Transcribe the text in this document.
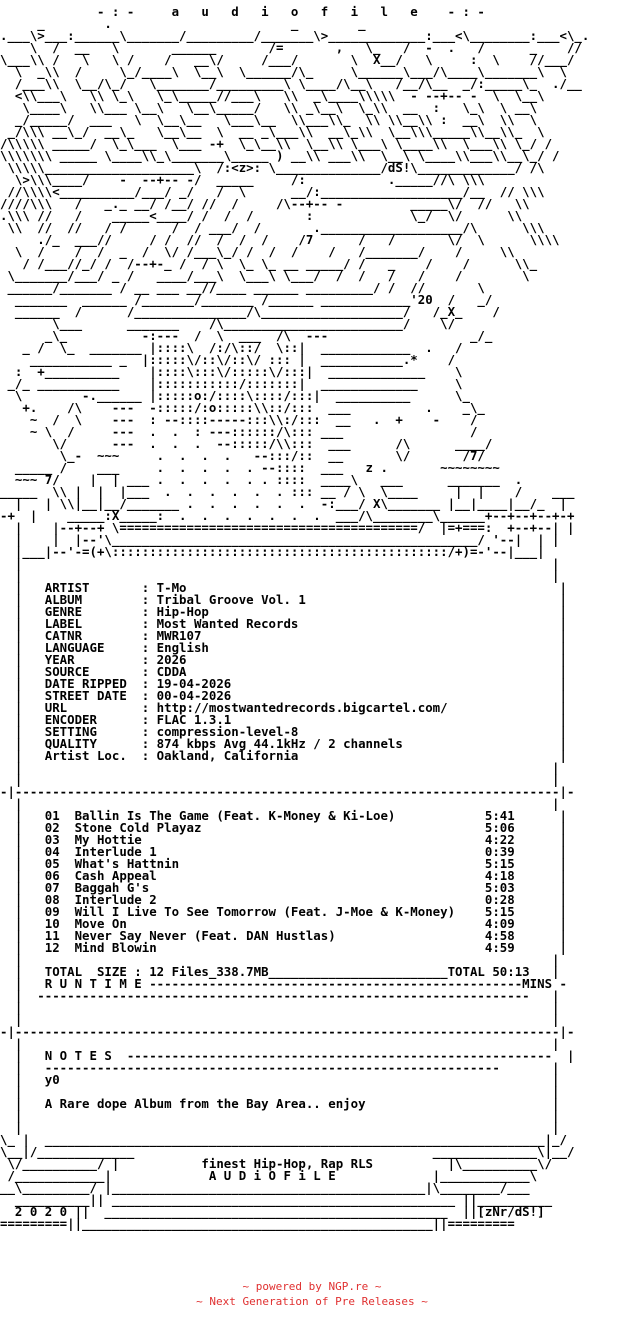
- : -     a   u   d   i   o   f   i   l   e    - : -
_        .                        _        _
.___\>___:______\_______/_________/_______\>_____________:___<\________:___<\_.
\  /  __   \       ______       /=       ,   \_   /  -  .   /      _    //
\___\\ /   \   \ /    /   __\/     /___/       \  X__/   \     :  \    //___/
\  _\\  /     \_/____\  \__\  \______/\_     \______\___/\____\_______\  \
/___\\  \__/\_/   \_______/_________\ \____/\__\   /__/\__  _/:_____\_  ./__
<\\___\   \\ \_\   \_\_____//___\   \\  _\____\\\\\  - --+-- -  \  \__\
\____\   \\___ \__\   \__\_____/   \\ _\__\  \_\\  __  :   \_\  \ __\
_/_____/  ___   \  \__\__   \___\__  \\___\\_  \\ \\__\\ :  __\  \\  \
_/\\\ __\_/  __\_   \__\__  \  __ _\___\\  __\_\\  \__\\\_____\\__\\_  \
/\\\\\ _____/  \_\___  \___ -+  \_\__\\  \__\\ \___\ \____\\  \___\\ \_/ /
\\\\\\\ _____ \____\\_\_______\_____ ) __\\ ___\\  \__\ \____\\___\\__\_/ /
\\\\\____________________\  /:<z>: \______________/dS!\_____________/ /\
\>\\\____/    -  --+-- -/  _____     /:           ._____//\ \\\
//\\\\<__________/___/ _/   /  \      __/:___________________/__  // \\\
////\\\   /   _._ __/ /__/ //  /     /\--+-- -         _____\/  //   \\
.\\\ //   /    _____<____/ /  /  /       :             \_/  \/      \\
\\  //  //   / /      /  / ___/  /       .___________________/\      \\\
./_  ___//     / /  //  /  /  /    /7      /   /       \/  \      \\\\
\  /    /  /  _  /  \/ /___\_/ /  /  /    /   /_______/    /     \\
/ /___//_/ /  /--+-_ /  / \  \_ \_ __ _____/ /   _    /    /      \\_
\_______/___/ _ /   ____/___\  \___\ \___/  /  /   /   /    /        \
______/_______ / __ ___ __//____ ______ _________/ /  //       \
_______  ______ /_______/_______ /______ ____________'20  /   _/
______  /      /_______________/\___________________/   /_X_    /
\___      _______    /\________________________/    \/
_\_          -:---  /  \  ___  /\  ---                   _/_
_ /  \_  _______ |::::\  /:/\::/  \::|  ____________  .   /
___________ _  |:::::\/::\/::\/ ::: |  ___________.*    /
:  +__________    |::::\:::\/:::::\/:::|  _____________    \
_/_ ___________    |:::::::::::/:::::::|  _____________     \
\        -.______ |:::::o:/::::\::::/:::|  __________      \_
+.    /\    ---  -:::::/:o:::::\\::/:::  ___          .    _\_
~  /  \    ---  : --::::-----:::\\:/:::  __   .  +    -    /
~ \  /     ---  .  .  : ---::::::/\::: ___                 /
\/      ---  .  .  .  --:::::/\\:::  ___      /\      ____/
\_-  ~~~     .  .  .  .   --:::/::  __       \/       /7/
_____ /    ___     .  .  .  .  . --::::  ___   z .       ~~~~~~~~
~~~ 7/    |  | ___ .  .  .  .  . . ::::  ____\   ___      _______  .
_____  \\ |  |  |___  .  .  .  .  .  . ::: __ / \  \____     |  |    /    ___
|   | \\|__|__/_______ .  .  .  .  .  .  -:___/ X\_______ |__|____|__/_  |
-+  |    _____:X_____:  .  .  .  .  .  .  .  ___/\________\______+--+--+--+-+
|    |--+--+ \========================================/  |=+===:  +--+--| |
|    |  |--'\_________________________________________________/ '--|  | |
|___|--'-=(+\:::::::::::::::::::::::::::::::::::::::::::::/+)=-'--|___|
|                                                                       |
|                                                                       |
|   ARTIST       : T-Mo                                                  |
|   ALBUM        : Tribal Groove Vol. 1                                  |
|   GENRE        : Hip-Hop                                               |
|   LABEL        : Most Wanted Records                                   |
|   CATNR        : MWR107                                                |
|   LANGUAGE     : English                                               |
|   YEAR         : 2026                                                  |
|   SOURCE       : CDDA                                                  |
|   DATE RIPPED  : 19-04-2026                                            |
|   STREET DATE  : 00-04-2026                                            |
|   URL          : http://mostwantedrecords.bigcartel.com/               |
|   ENCODER      : FLAC 1.3.1                                            |
|   SETTING      : compression-level-8                                   |
|   QUALITY      : 874 kbps Avg 44.1kHz / 2 channels                     |
|   Artist Loc.  : Oakland, California                                   |
|                                                                       |
|                                                                       |
-|-------------------------------------------------------------------------|-
|                                                                       |
|   01  Ballin Is The Game (Feat. K-Money & Ki-Loe)            5:41      |
|   02  Stone Cold Playaz                                      5:06      |
|   03  My Hottie                                              4:22      |
|   04  Interlude 1                                            0:39      |
|   05  What's Hattnin                                         5:15      |
|   06  Cash Appeal                                            4:18      |
|   07  Baggah G's                                             5:03      |
|   08  Interlude 2                                            0:28      |
|   09  Will I Live To See Tomorrow (Feat. J-Moe & K-Money)    5:15      |
|   10  Move On                                                4:09      |
|   11  Never Say Never (Feat. DAN Hustlas)                    4:58      |
|   12  Mind Blowin                                            4:59      |
|                                                                       |
|   TOTAL  SIZE : 12 Files_338.7MB________________________TOTAL 50:13   |
|   R U N T I M E --------------------------------------------------MINS -
|  ------------------------------------------------------------------   |
|                                                                       |
|                                                                       |
-|-------------------------------------------------------------------------|-
|                                                                       |
|   N O T E S  ---------------------------------------------------------  |
|   -------------------------------------------------------------       |
|   y0                                                                  |
|                                                                       |
|   A Rare dope Album from the Bay Area.. enjoy                         |
|                                                                       |
|                                                                       |
\_ |  ___________________________________________________________________|_/
\__|/_____________                                        ______________\|__/
\/__________/ |           finest Hip-Hop, Rap RLS          |\__________\/
/____________|             A U D i O F i L E             |____________\
__\_________/ |__________________________________________|\________/___
__________|| ______________________________________________ ||__________
2 0 2 0 ||  ______________________________________________  ||[zNr/dS!]
=========||_______________________________________________||=========
~ powered by NGP.re ~
~ Next Generation of Pre Releases ~
